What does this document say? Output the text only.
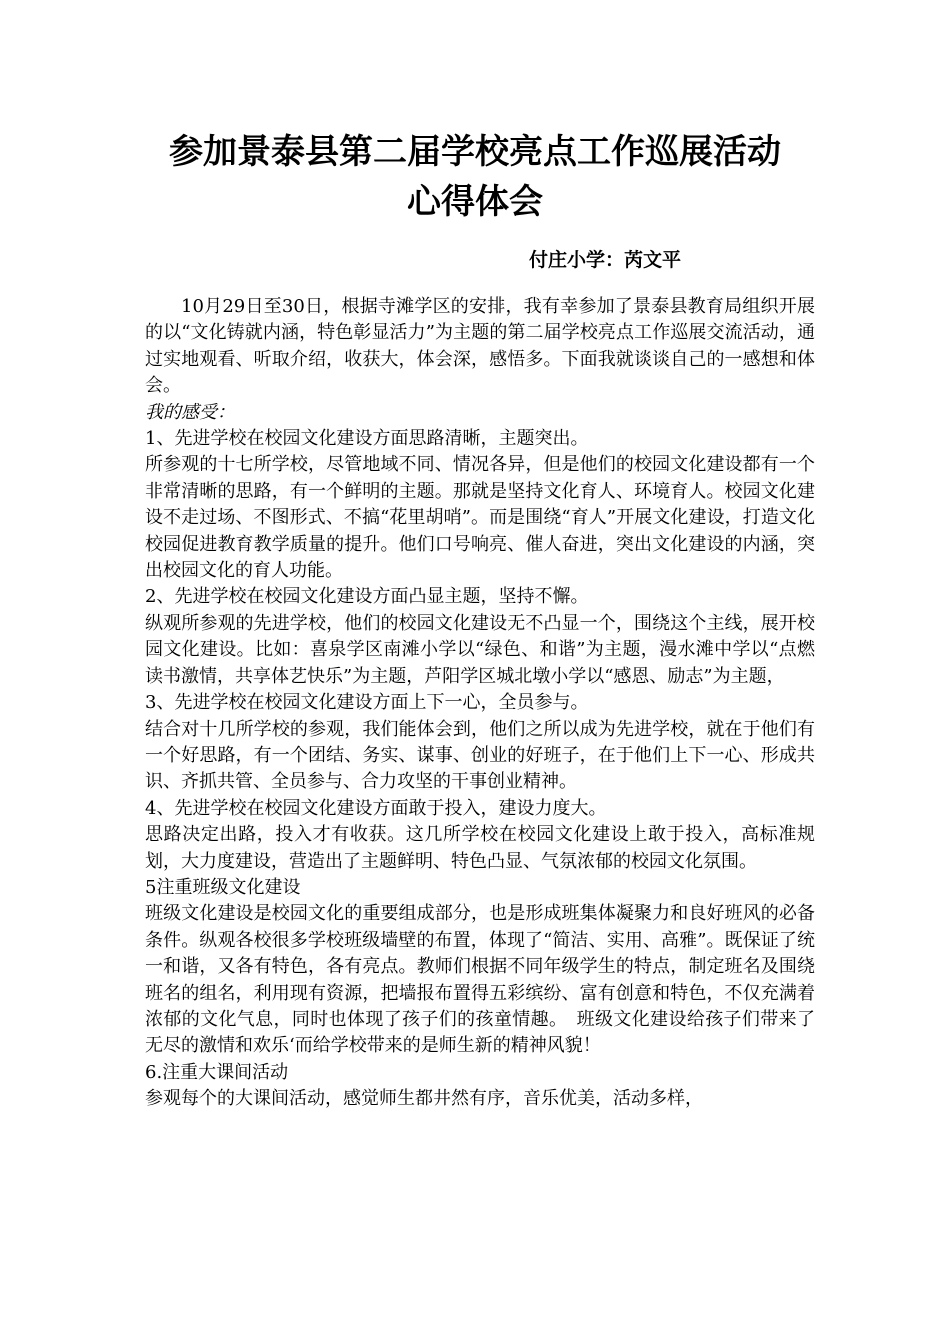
参加景泰县第二届学校亮点工作巡展活动
心得体会

付庄小学：芮文平

10月29日至30日，根据寺滩学区的安排，我有幸参加了景泰县教育局组织开展的以“文化铸就内涵，特色彰显活力”为主题的第二届学校亮点工作巡展交流活动，通过实地观看、听取介绍，收获大，体会深，感悟多。下面我就谈谈自己的一感想和体会。

我的感受：

1、先进学校在校园文化建设方面思路清晰，主题突出。

所参观的十七所学校，尽管地域不同、情况各异，但是他们的校园文化建设都有一个非常清晰的思路，有一个鲜明的主题。那就是坚持文化育人、环境育人。校园文化建设不走过场、不图形式、不搞“花里胡哨”。而是围绕“育人”开展文化建设，打造文化校园促进教育教学质量的提升。他们口号响亮、催人奋进，突出文化建设的内涵，突出校园文化的育人功能。

2、先进学校在校园文化建设方面凸显主题，坚持不懈。

纵观所参观的先进学校，他们的校园文化建设无不凸显一个，围绕这个主线，展开校园文化建设。比如：喜泉学区南滩小学以“绿色、和谐”为主题，漫水滩中学以“点燃读书激情，共享体艺快乐”为主题，芦阳学区城北墩小学以“感恩、励志”为主题，

3、先进学校在校园文化建设方面上下一心，全员参与。

结合对十几所学校的参观，我们能体会到，他们之所以成为先进学校，就在于他们有一个好思路，有一个团结、务实、谋事、创业的好班子，在于他们上下一心、形成共识、齐抓共管、全员参与、合力攻坚的干事创业精神。

4、先进学校在校园文化建设方面敢于投入，建设力度大。

思路决定出路，投入才有收获。这几所学校在校园文化建设上敢于投入，高标准规划，大力度建设，营造出了主题鲜明、特色凸显、气氛浓郁的校园文化氛围。

5注重班级文化建设

班级文化建设是校园文化的重要组成部分，也是形成班集体凝聚力和良好班风的必备条件。纵观各校很多学校班级墙壁的布置，体现了“简洁、实用、高雅”。既保证了统一和谐，又各有特色，各有亮点。教师们根据不同年级学生的特点，制定班名及围绕班名的组名，利用现有资源，把墙报布置得五彩缤纷、富有创意和特色，不仅充满着浓郁的文化气息，同时也体现了孩子们的孩童情趣。　班级文化建设给孩子们带来了无尽的激情和欢乐‘而给学校带来的是师生新的精神风貌！

6.注重大课间活动

参观每个的大课间活动，感觉师生都井然有序，音乐优美，活动多样，
